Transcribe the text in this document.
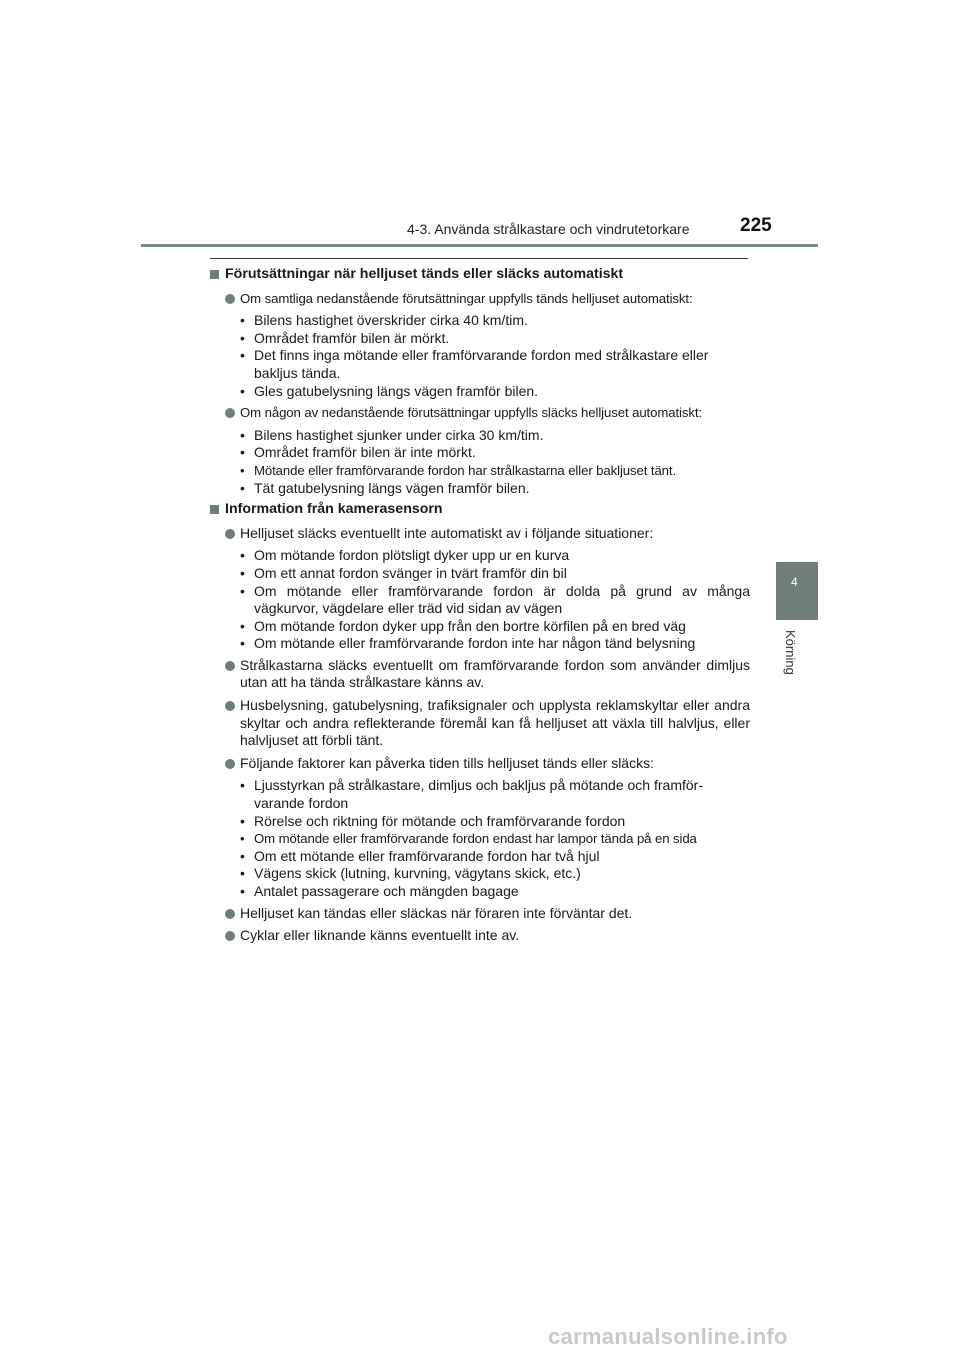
4-3. Använda strålkastare och vindrutetorkare	225
4
Körning
Förutsättningar när helljuset tänds eller släcks automatiskt
Om samtliga nedanstående förutsättningar uppfylls tänds helljuset automatiskt:
• Bilens hastighet överskrider cirka 40 km/tim.
• Området framför bilen är mörkt.
• Det finns inga mötande eller framförvarande fordon med strålkastare eller bakljus tända.
• Gles gatubelysning längs vägen framför bilen.
Om någon av nedanstående förutsättningar uppfylls släcks helljuset automatiskt:
• Bilens hastighet sjunker under cirka 30 km/tim.
• Området framför bilen är inte mörkt.
• Mötande eller framförvarande fordon har strålkastarna eller bakljuset tänt.
• Tät gatubelysning längs vägen framför bilen.
Information från kamerasensorn
Helljuset släcks eventuellt inte automatiskt av i följande situationer:
• Om mötande fordon plötsligt dyker upp ur en kurva
• Om ett annat fordon svänger in tvärt framför din bil
• Om mötande eller framförvarande fordon är dolda på grund av många vägkurvor, vägdelare eller träd vid sidan av vägen
• Om mötande fordon dyker upp från den bortre körfilen på en bred väg
• Om mötande eller framförvarande fordon inte har någon tänd belysning
Strålkastarna släcks eventuellt om framförvarande fordon som använder dimljus utan att ha tända strålkastare känns av.
Husbelysning, gatubelysning, trafiksignaler och upplysta reklamskyltar eller andra skyltar och andra reflekterande föremål kan få helljuset att växla till halvljus, eller halvljuset att förbli tänt.
Följande faktorer kan påverka tiden tills helljuset tänds eller släcks:
• Ljusstyrkan på strålkastare, dimljus och bakljus på mötande och framför-varande fordon
• Rörelse och riktning för mötande och framförvarande fordon
• Om mötande eller framförvarande fordon endast har lampor tända på en sida
• Om ett mötande eller framförvarande fordon har två hjul
• Vägens skick (lutning, kurvning, vägytans skick, etc.)
• Antalet passagerare och mängden bagage
Helljuset kan tändas eller släckas när föraren inte förväntar det.
Cyklar eller liknande känns eventuellt inte av.
carmanualsonline.info
